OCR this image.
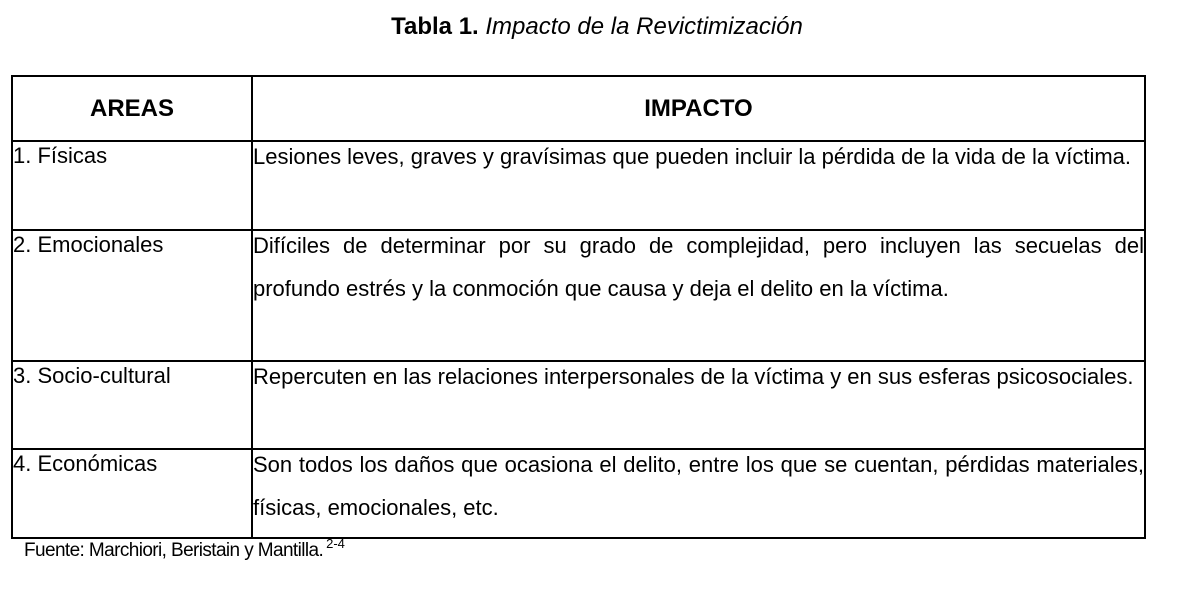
Tabla 1. Impacto de la Revictimización
AREAS	IMPACTO
1. Físicas	Lesiones leves, graves y gravísimas que pueden incluir la pérdida de la vida de la víctima.

2. Emocionales	Difíciles de determinar por su grado de complejidad, pero incluyen las secuelas del profundo estrés y la conmoción que causa y deja el delito en la víctima.

3. Socio-cultural	Repercuten en las relaciones interpersonales de la víctima y en sus esferas psicosociales.

4. Económicas	Son todos los daños que ocasiona el delito, entre los que se cuentan, pérdidas materiales, físicas, emocionales, etc.
Fuente: Marchiori, Beristain y Mantilla. $^{2-4}$
